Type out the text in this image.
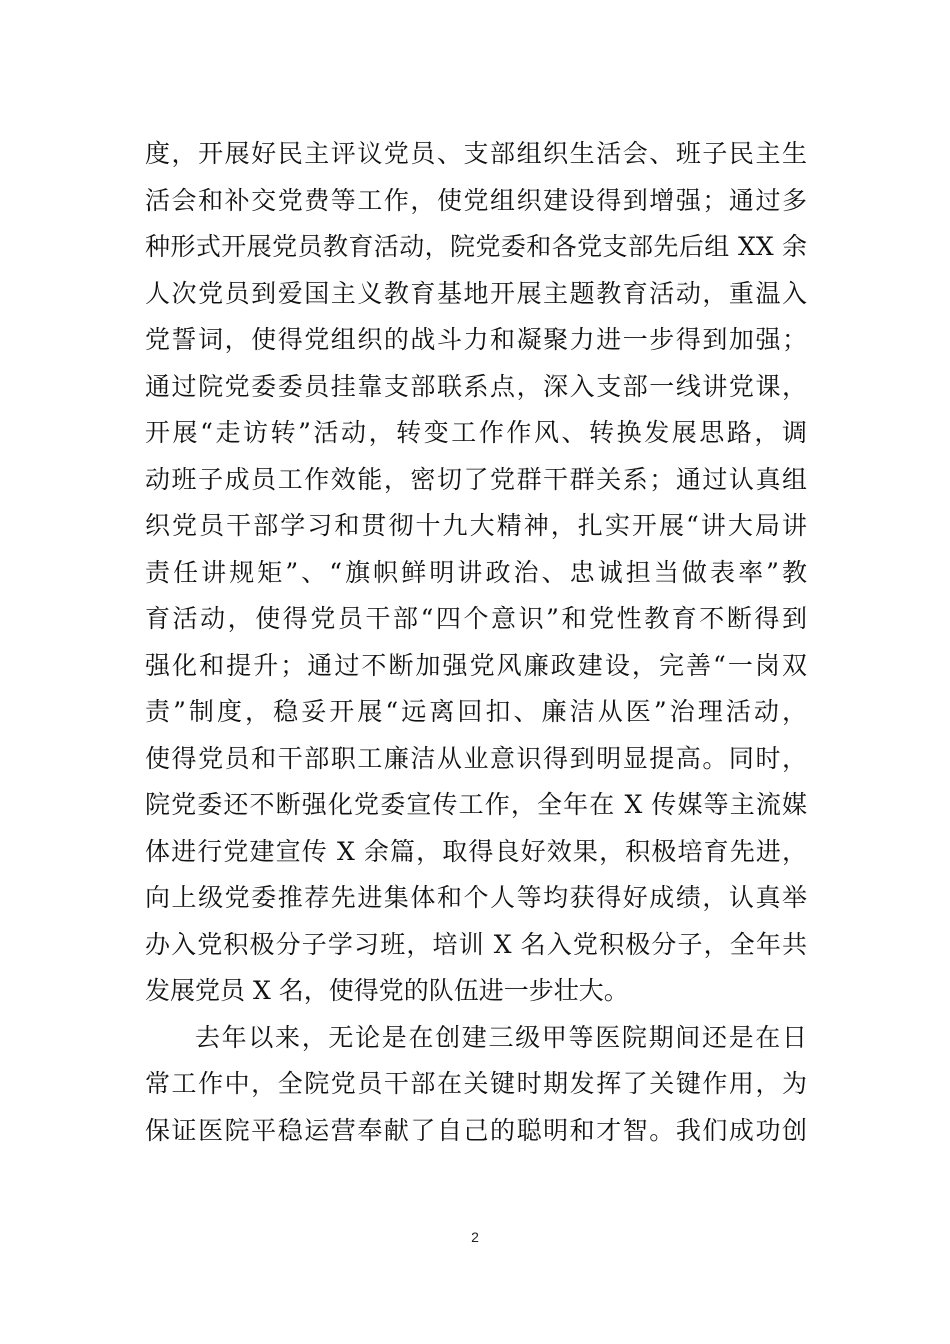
度，开展好民主评议党员、支部组织生活会、班子民主生
活会和补交党费等工作，使党组织建设得到增强；通过多
种形式开展党员教育活动，院党委和各党支部先后组 XX 余
人次党员到爱国主义教育基地开展主题教育活动，重温入
党誓词，使得党组织的战斗力和凝聚力进一步得到加强；
通过院党委委员挂靠支部联系点，深入支部一线讲党课，
开展“走访转”活动，转变工作作风、转换发展思路，调
动班子成员工作效能，密切了党群干群关系；通过认真组
织党员干部学习和贯彻十九大精神，扎实开展“讲大局讲
责任讲规矩”、“旗帜鲜明讲政治、忠诚担当做表率”教
育活动，使得党员干部“四个意识”和党性教育不断得到
强化和提升；通过不断加强党风廉政建设，完善“一岗双
责”制度，稳妥开展“远离回扣、廉洁从医”治理活动，
使得党员和干部职工廉洁从业意识得到明显提高。同时，
院党委还不断强化党委宣传工作，全年在 X 传媒等主流媒
体进行党建宣传 X 余篇，取得良好效果，积极培育先进，
向上级党委推荐先进集体和个人等均获得好成绩，认真举
办入党积极分子学习班，培训 X 名入党积极分子，全年共
发展党员 X 名，使得党的队伍进一步壮大。
去年以来，无论是在创建三级甲等医院期间还是在日
常工作中，全院党员干部在关键时期发挥了关键作用，为
保证医院平稳运营奉献了自己的聪明和才智。我们成功创
2
